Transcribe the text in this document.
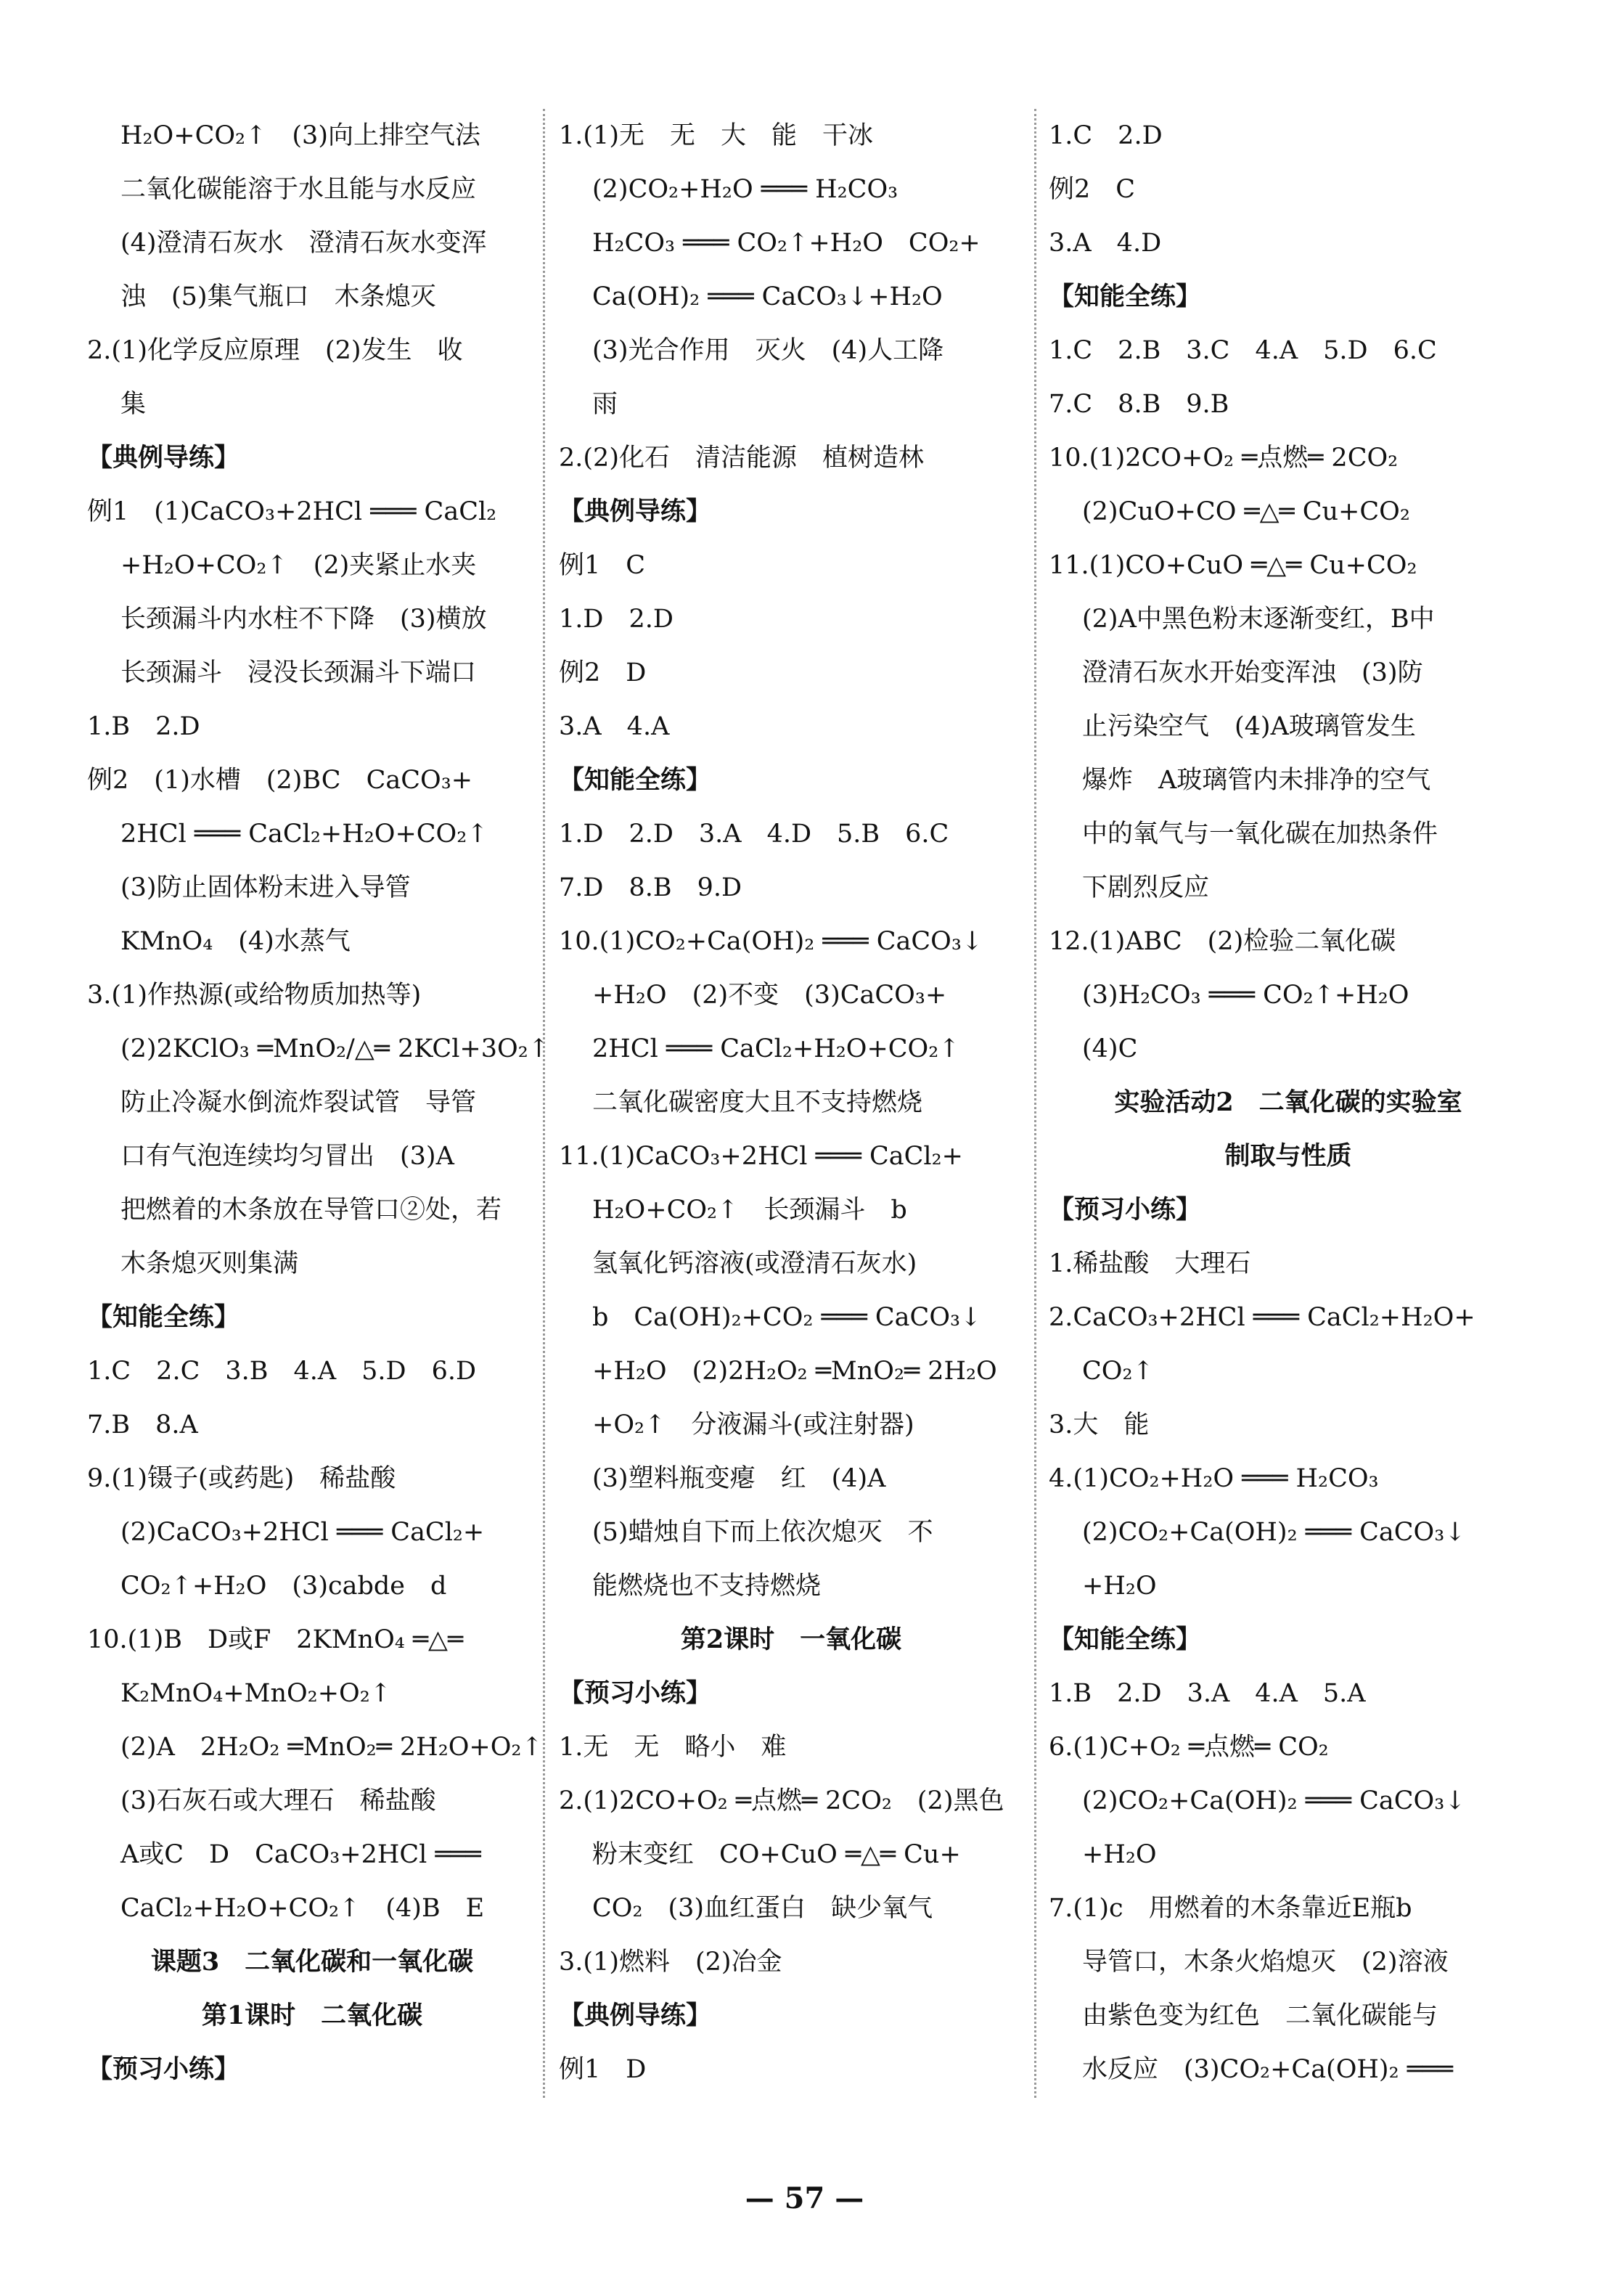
H₂O+CO₂↑　(3)向上排空气法
二氧化碳能溶于水且能与水反应
(4)澄清石灰水　澄清石灰水变浑
浊　(5)集气瓶口　木条熄灭
2.(1)化学反应原理　(2)发生　收
集
【典例导练】
例1　(1)CaCO₃+2HCl ═══ CaCl₂
+H₂O+CO₂↑　(2)夹紧止水夹
长颈漏斗内水柱不下降　(3)横放
长颈漏斗　浸没长颈漏斗下端口
1.B　2.D
例2　(1)水槽　(2)BC　CaCO₃+
2HCl ═══ CaCl₂+H₂O+CO₂↑
(3)防止固体粉末进入导管
KMnO₄　(4)水蒸气
3.(1)作热源(或给物质加热等)
(2)2KClO₃ ═MnO₂/△═ 2KCl+3O₂↑
防止冷凝水倒流炸裂试管　导管
口有气泡连续均匀冒出　(3)A
把燃着的木条放在导管口②处，若
木条熄灭则集满
【知能全练】
1.C　2.C　3.B　4.A　5.D　6.D
7.B　8.A
9.(1)镊子(或药匙)　稀盐酸
(2)CaCO₃+2HCl ═══ CaCl₂+
CO₂↑+H₂O　(3)cabde　d
10.(1)B　D或F　2KMnO₄ ═△═
K₂MnO₄+MnO₂+O₂↑
(2)A　2H₂O₂ ═MnO₂═ 2H₂O+O₂↑
(3)石灰石或大理石　稀盐酸
A或C　D　CaCO₃+2HCl ═══
CaCl₂+H₂O+CO₂↑　(4)B　E
课题3　二氧化碳和一氧化碳
第1课时　二氧化碳
【预习小练】
1.(1)无　无　大　能　干冰
(2)CO₂+H₂O ═══ H₂CO₃
H₂CO₃ ═══ CO₂↑+H₂O　CO₂+
Ca(OH)₂ ═══ CaCO₃↓+H₂O
(3)光合作用　灭火　(4)人工降
雨
2.(2)化石　清洁能源　植树造林
【典例导练】
例1　C
1.D　2.D
例2　D
3.A　4.A
【知能全练】
1.D　2.D　3.A　4.D　5.B　6.C
7.D　8.B　9.D
10.(1)CO₂+Ca(OH)₂ ═══ CaCO₃↓
+H₂O　(2)不变　(3)CaCO₃+
2HCl ═══ CaCl₂+H₂O+CO₂↑
二氧化碳密度大且不支持燃烧
11.(1)CaCO₃+2HCl ═══ CaCl₂+
H₂O+CO₂↑　长颈漏斗　b
氢氧化钙溶液(或澄清石灰水)
b　Ca(OH)₂+CO₂ ═══ CaCO₃↓
+H₂O　(2)2H₂O₂ ═MnO₂═ 2H₂O
+O₂↑　分液漏斗(或注射器)
(3)塑料瓶变瘪　红　(4)A
(5)蜡烛自下而上依次熄灭　不
能燃烧也不支持燃烧
第2课时　一氧化碳
【预习小练】
1.无　无　略小　难
2.(1)2CO+O₂ ═点燃═ 2CO₂　(2)黑色
粉末变红　CO+CuO ═△═ Cu+
CO₂　(3)血红蛋白　缺少氧气
3.(1)燃料　(2)冶金
【典例导练】
例1　D
1.C　2.D
例2　C
3.A　4.D
【知能全练】
1.C　2.B　3.C　4.A　5.D　6.C
7.C　8.B　9.B
10.(1)2CO+O₂ ═点燃═ 2CO₂
(2)CuO+CO ═△═ Cu+CO₂
11.(1)CO+CuO ═△═ Cu+CO₂
(2)A中黑色粉末逐渐变红，B中
澄清石灰水开始变浑浊　(3)防
止污染空气　(4)A玻璃管发生
爆炸　A玻璃管内未排净的空气
中的氧气与一氧化碳在加热条件
下剧烈反应
12.(1)ABC　(2)检验二氧化碳
(3)H₂CO₃ ═══ CO₂↑+H₂O
(4)C
实验活动2　二氧化碳的实验室
制取与性质
【预习小练】
1.稀盐酸　大理石
2.CaCO₃+2HCl ═══ CaCl₂+H₂O+
CO₂↑
3.大　能
4.(1)CO₂+H₂O ═══ H₂CO₃
(2)CO₂+Ca(OH)₂ ═══ CaCO₃↓
+H₂O
【知能全练】
1.B　2.D　3.A　4.A　5.A
6.(1)C+O₂ ═点燃═ CO₂
(2)CO₂+Ca(OH)₂ ═══ CaCO₃↓
+H₂O
7.(1)c　用燃着的木条靠近E瓶b
导管口，木条火焰熄灭　(2)溶液
由紫色变为红色　二氧化碳能与
水反应　(3)CO₂+Ca(OH)₂ ═══
— 57 —
